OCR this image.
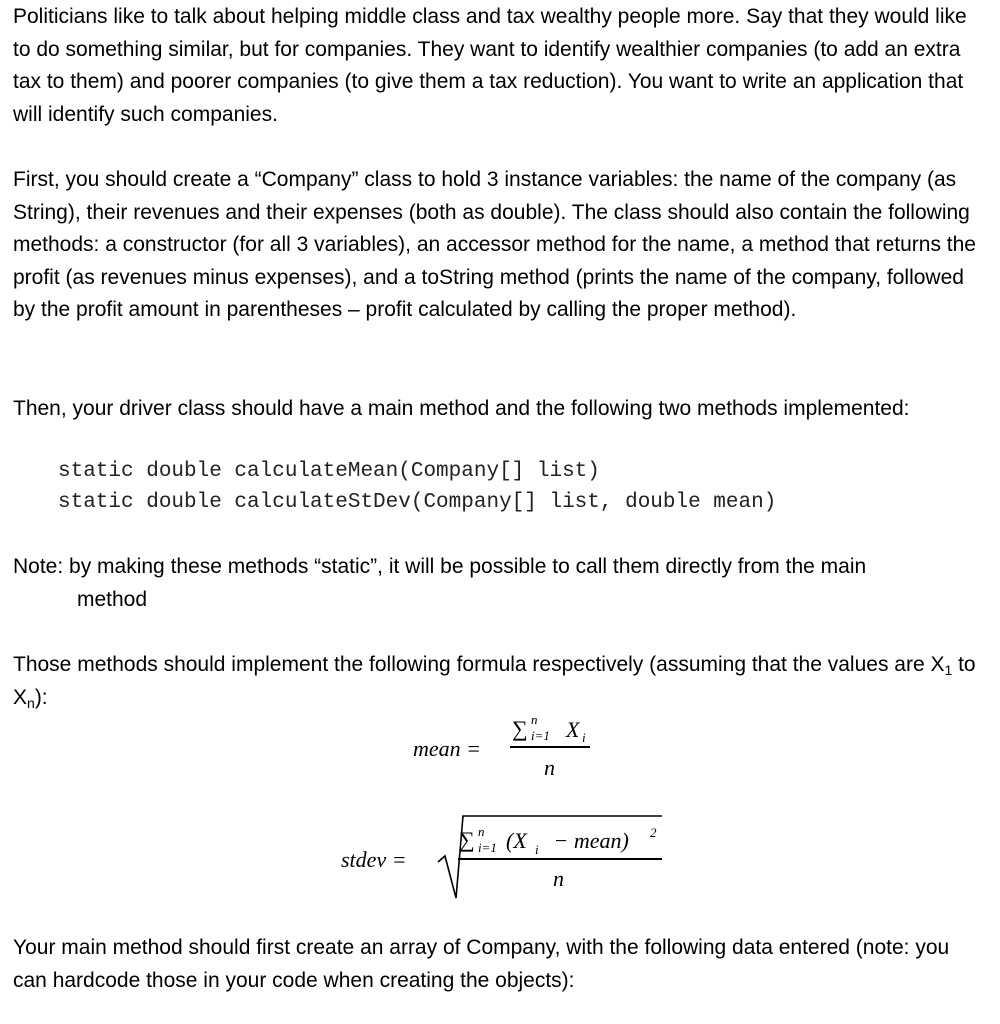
Politicians like to talk about helping middle class and tax wealthy people more. Say that they would like to do something similar, but for companies. They want to identify wealthier companies (to add an extra tax to them) and poorer companies (to give them a tax reduction). You want to write an application that will identify such companies.

First, you should create a “Company” class to hold 3 instance variables: the name of the company (as String), their revenues and their expenses (both as double). The class should also contain the following methods: a constructor (for all 3 variables), an accessor method for the name, a method that returns the profit (as revenues minus expenses), and a toString method (prints the name of the company, followed by the profit amount in parentheses – profit calculated by calling the proper method).

Then, your driver class should have a main method and the following two methods implemented:

static double calculateMean(Company[] list)

static double calculateStDev(Company[] list, double mean)

Note: by making these methods “static”, it will be possible to call them directly from the main
method

Those methods should implement the following formula respectively (assuming that the values are $X_1$ to $X_n$):

mean =
∑ n
i=1 X i
n
stdev =
∑ n
i=1 (X i − mean) 2
n

Your main method should first create an array of Company, with the following data entered (note: you can hardcode those in your code when creating the objects):
